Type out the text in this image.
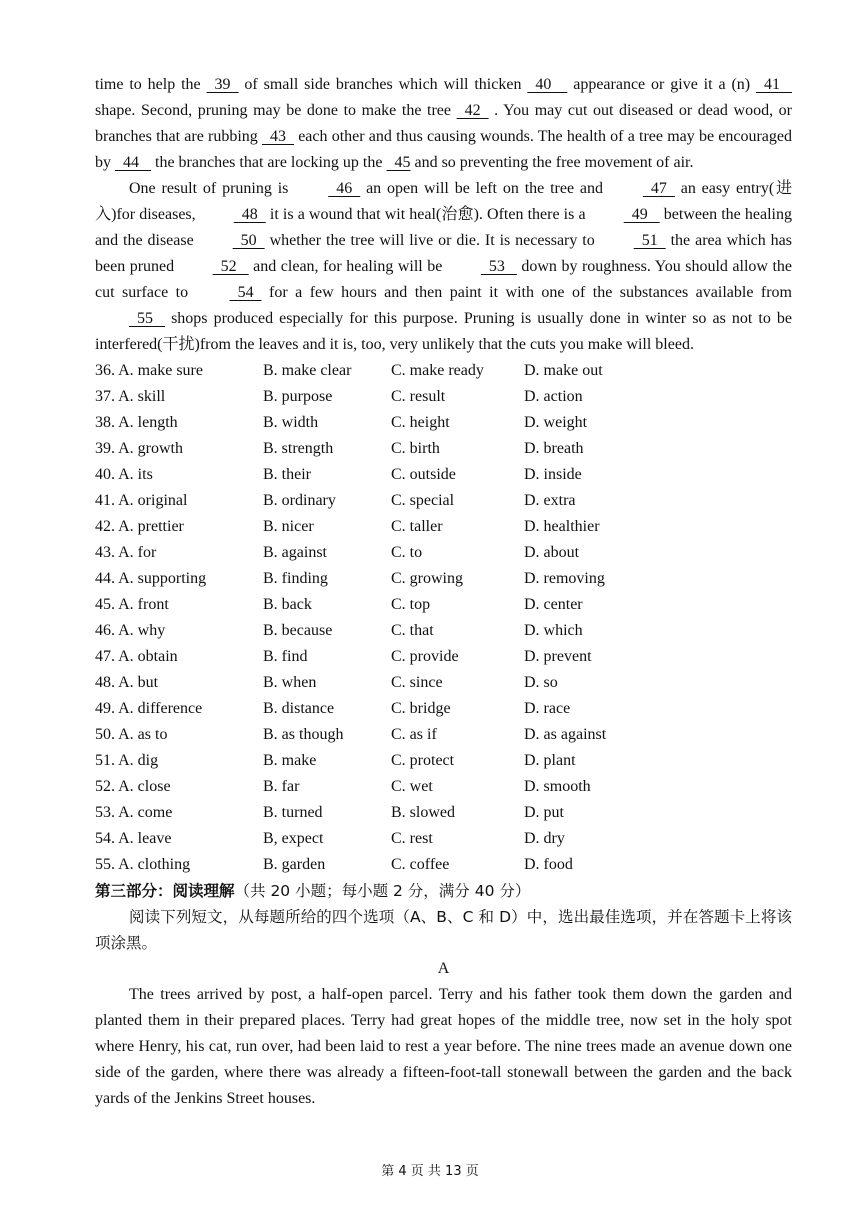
time to help the   39   of small side branches which will thicken   40     appearance or give it a (n)   41    shape. Second, pruning may be done to make the tree   42   . You may cut out diseased or dead wood, or branches that are rubbing   43   each other and thus causing wounds. The health of a tree may be encouraged by   44    the branches that are locking up the   45 and so preventing the free movement of air.

One result of pruning is   46   an open will be left on the tree and   47   an easy entry(进入)for diseases,   48   it is a wound that wit heal(治愈). Often there is a   49    between the healing and the disease   50   whether the tree will live or die. It is necessary to   51   the area which has been pruned   52    and clean, for healing will be   53    down by roughness. You should allow the cut surface to   54   for a few hours and then paint it with one of the substances available from   55    shops produced especially for this purpose. Pruning is usually done in winter so as not to be interfered(干扰)from the leaves and it is, too, very unlikely that the cuts you make will bleed.

36. A. make sure	B. make clear	C. make ready	D. make out
37. A. skill	B. purpose	C. result	D. action
38. A. length	B. width	C. height	D. weight
39. A. growth	B. strength	C. birth	D. breath
40. A. its	B. their	C. outside	D. inside
41. A. original	B. ordinary	C. special	D. extra
42. A. prettier	B. nicer	C. taller	D. healthier
43. A. for	B. against	C. to	D. about
44. A. supporting	B. finding	C. growing	D. removing
45. A. front	B. back	C. top	D. center
46. A. why	B. because	C. that	D. which
47. A. obtain	B. find	C. provide	D. prevent
48. A. but	B. when	C. since	D. so
49. A. difference	B. distance	C. bridge	D. race
50. A. as to	B. as though	C. as if	D. as against
51. A. dig	B. make	C. protect	D. plant
52. A. close	B. far	C. wet	D. smooth
53. A. come	B. turned	B. slowed	D. put
54. A. leave	B, expect	C. rest	D. dry
55. A. clothing	B. garden	C. coffee	D. food

第三部分：阅读理解（共 20 小题；每小题 2 分，满分 40 分）

阅读下列短文，从每题所给的四个选项（A、B、C 和 D）中，选出最佳选项，并在答题卡上将该项涂黑。

A

The trees arrived by post, a half-open parcel. Terry and his father took them down the garden and planted them in their prepared places. Terry had great hopes of the middle tree, now set in the holy spot where Henry, his cat, run over, had been laid to rest a year before. The nine trees made an avenue down one side of the garden, where there was already a fifteen-foot-tall stonewall between the garden and the back yards of the Jenkins Street houses.

第 4 页 共 13 页
